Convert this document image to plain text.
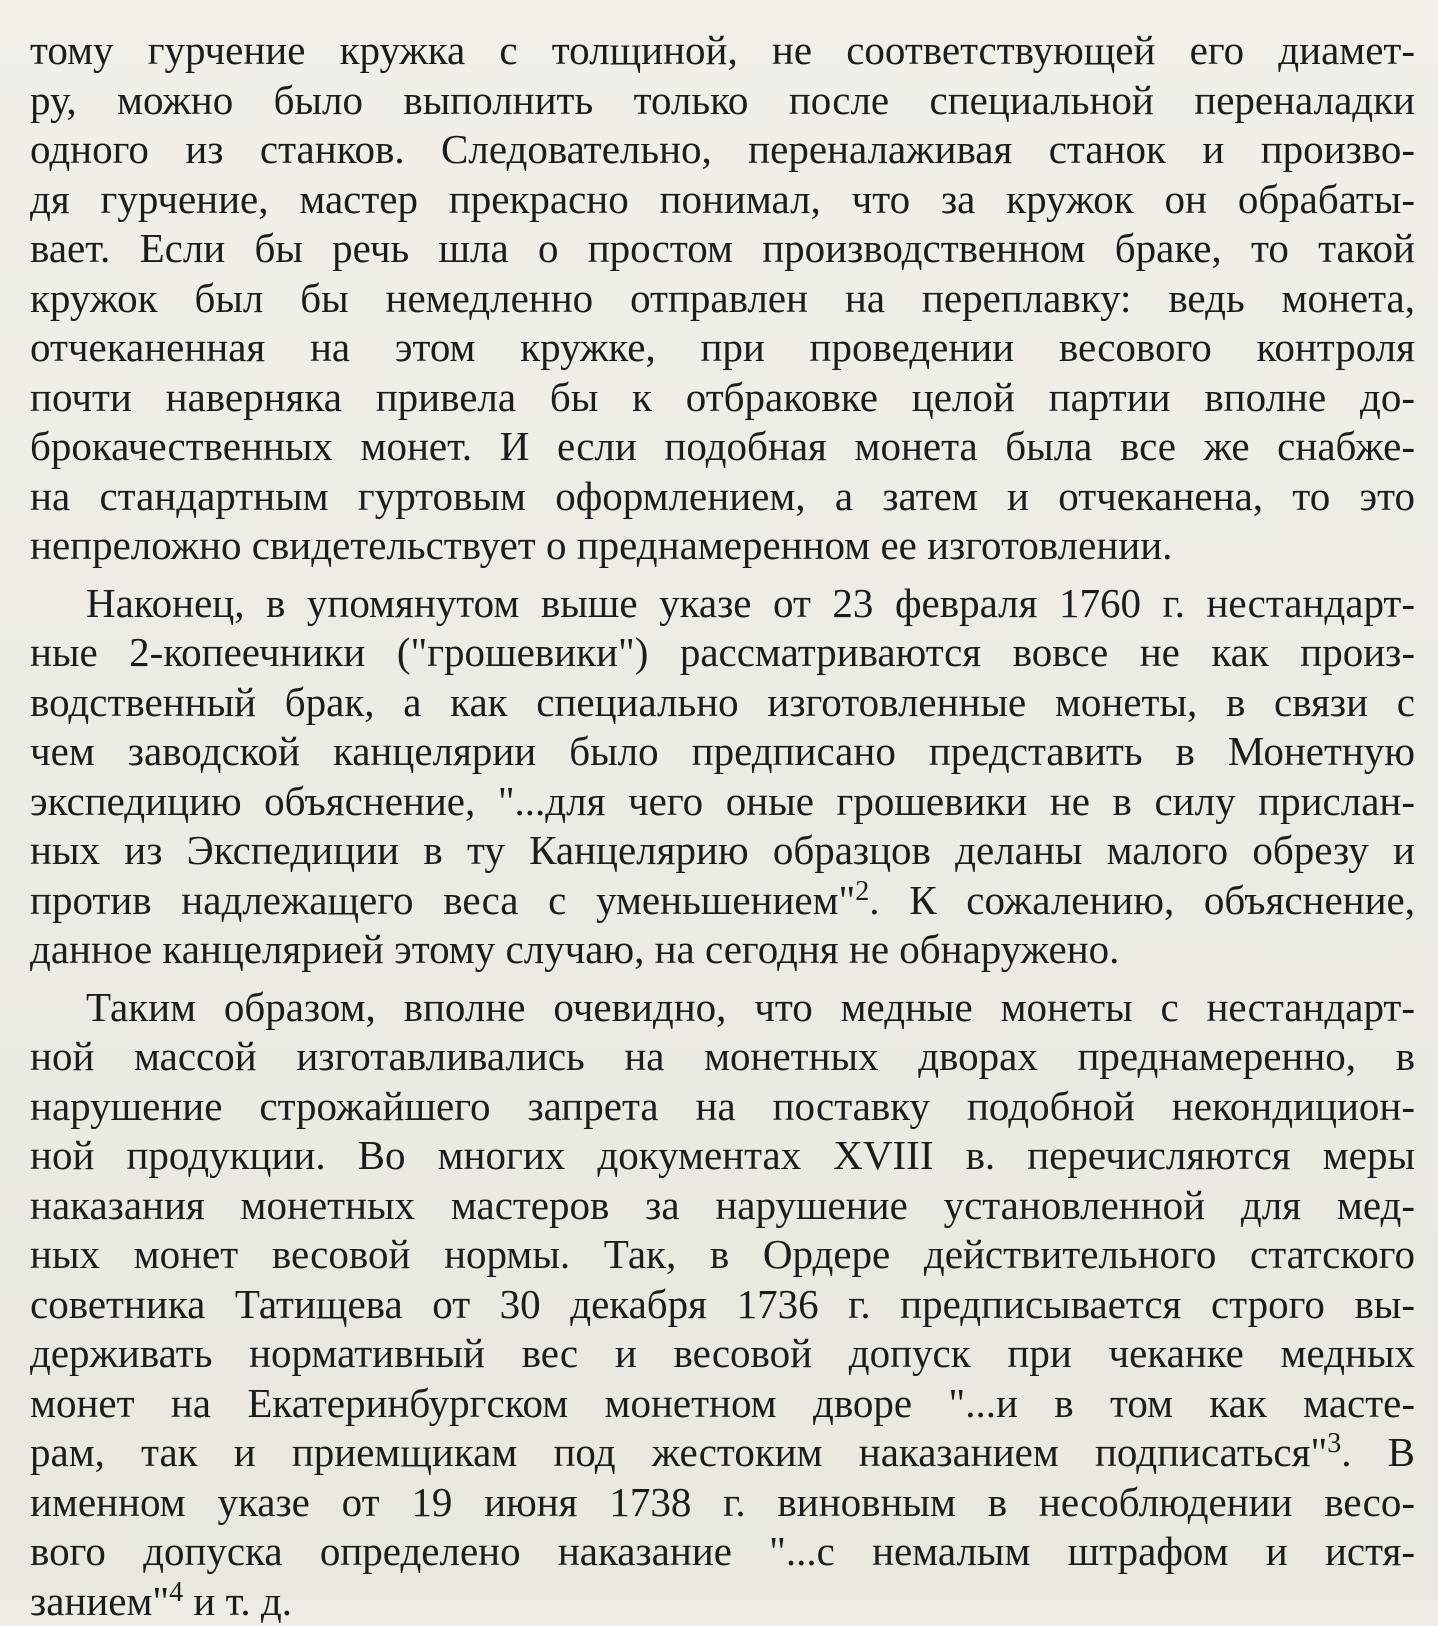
тому гурчение кружка с толщиной, не соответствующей его диамет-
ру, можно было выполнить только после специальной переналадки
одного из станков. Следовательно, переналаживая станок и произво-
дя гурчение, мастер прекрасно понимал, что за кружок он обрабаты-
вает. Если бы речь шла о простом производственном браке, то такой
кружок был бы немедленно отправлен на переплавку: ведь монета,
отчеканенная на этом кружке, при проведении весового контроля
почти наверняка привела бы к отбраковке целой партии вполне до-
брокачественных монет. И если подобная монета была все же снабже-
на стандартным гуртовым оформлением, а затем и отчеканена, то это
непреложно свидетельствует о преднамеренном ее изготовлении.
Наконец, в упомянутом выше указе от 23 февраля 1760 г. нестандарт-
ные 2-копеечники ("грошевики") рассматриваются вовсе не как произ-
водственный брак, а как специально изготовленные монеты, в связи с
чем заводской канцелярии было предписано представить в Монетную
экспедицию объяснение, "...для чего оные грошевики не в силу прислан-
ных из Экспедиции в ту Канцелярию образцов деланы малого обрезу и
против надлежащего веса с уменьшением"$^2$. К сожалению, объяснение,
данное канцелярией этому случаю, на сегодня не обнаружено.
Таким образом, вполне очевидно, что медные монеты с нестандарт-
ной массой изготавливались на монетных дворах преднамеренно, в
нарушение строжайшего запрета на поставку подобной некондицион-
ной продукции. Во многих документах XVIII в. перечисляются меры
наказания монетных мастеров за нарушение установленной для мед-
ных монет весовой нормы. Так, в Ордере действительного статского
советника Татищева от 30 декабря 1736 г. предписывается строго вы-
держивать нормативный вес и весовой допуск при чеканке медных
монет на Екатеринбургском монетном дворе "...и в том как масте-
рам, так и приемщикам под жестоким наказанием подписаться"$^3$. В
именном указе от 19 июня 1738 г. виновным в несоблюдении весо-
вого допуска определено наказание "...с немалым штрафом и истя-
занием"$^4$ и т. д.
